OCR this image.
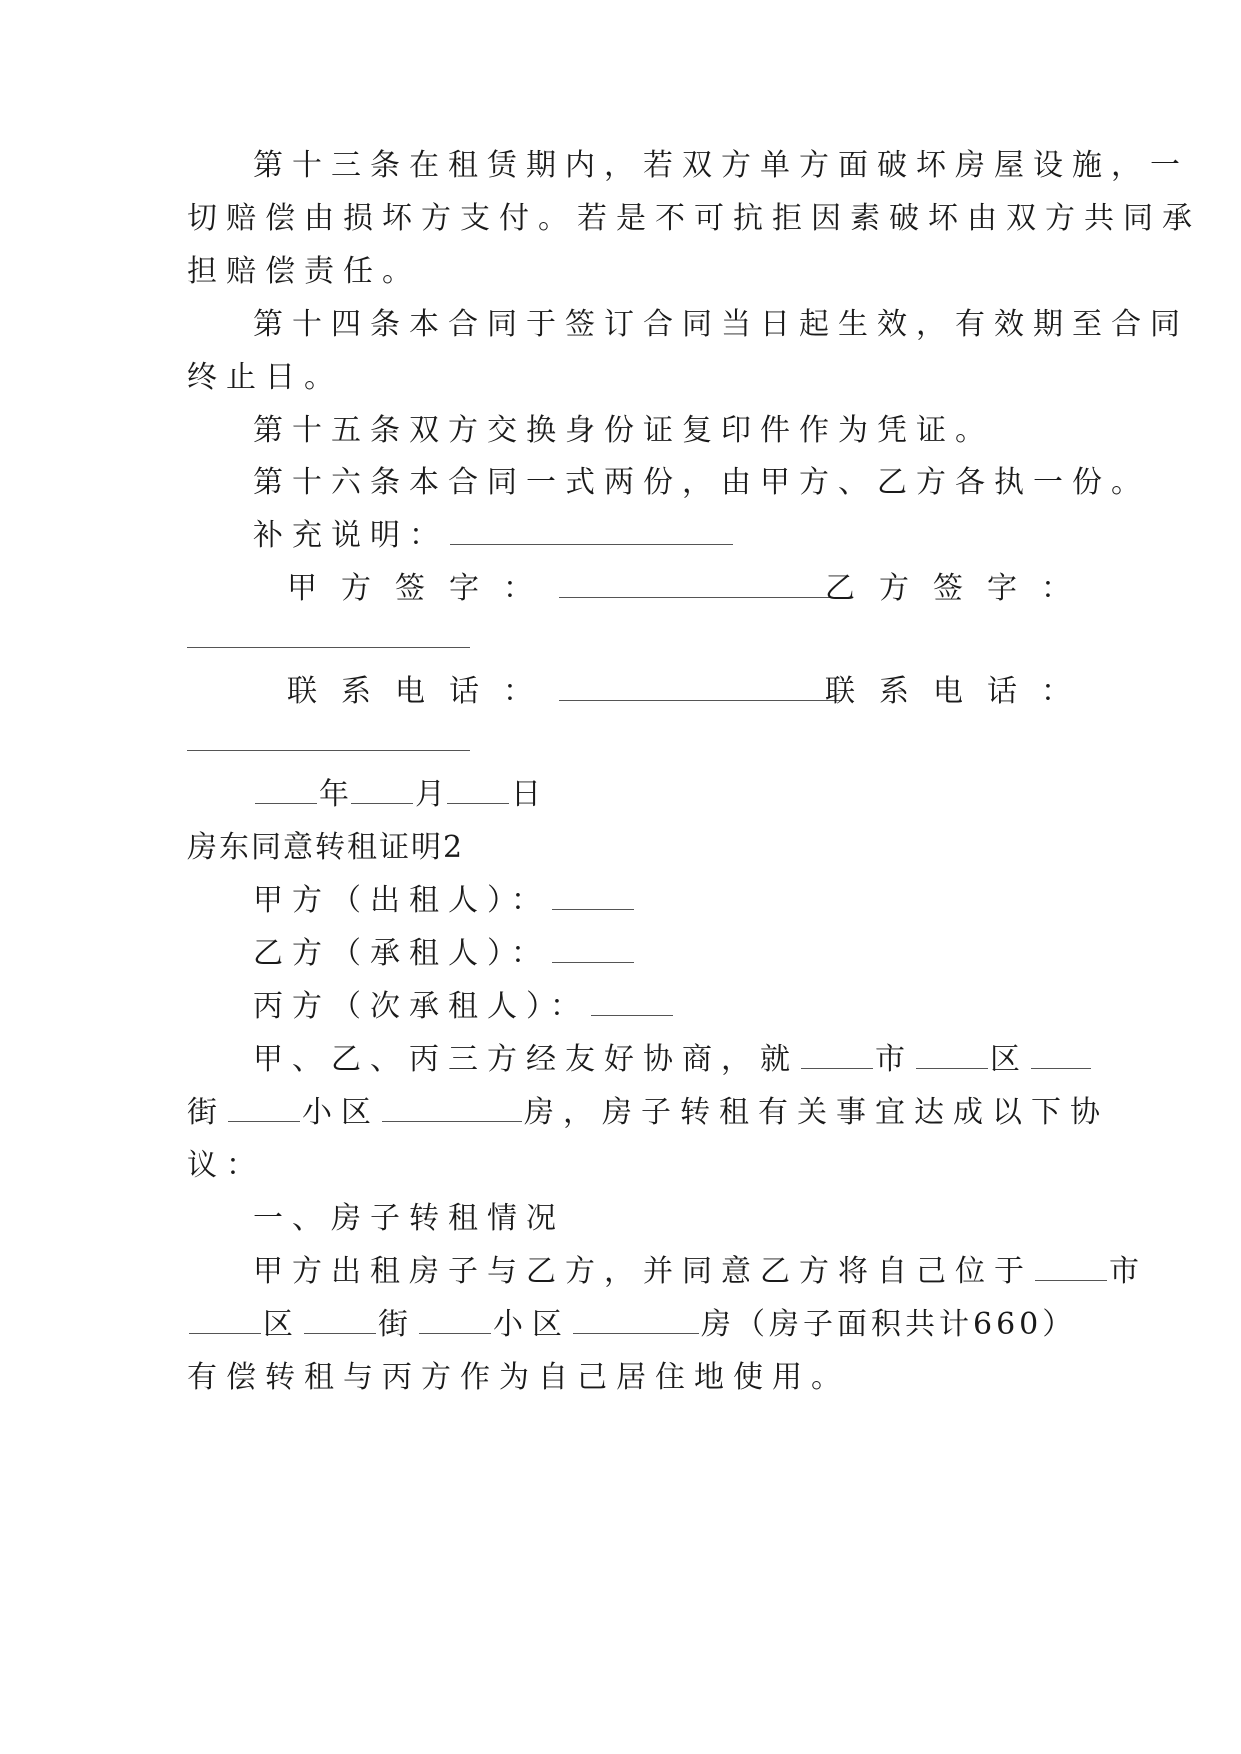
第十三条在租赁期内，若双方单方面破坏房屋设施，一
切赔偿由损坏方支付。若是不可抗拒因素破坏由双方共同承
担赔偿责任。
第十四条本合同于签订合同当日起生效，有效期至合同
终止日。
第十五条双方交换身份证复印件作为凭证。
第十六条本合同一式两份，由甲方、乙方各执一份。
补充说明：
甲方签字：	乙方签字：
联系电话：	联系电话：
年 月 日
房东同意转租证明2
甲方（出租人）：
乙方（承租人）：
丙方（次承租人）：
甲、乙、丙三方经友好协商，就	市	区
街	小区	房，房子转租有关事宜达成以下协
议：
一、房子转租情况
甲方出租房子与乙方，并同意乙方将自己位于	市
区	街	小区	房（房子面积共计660）
有偿转租与丙方作为自己居住地使用。
